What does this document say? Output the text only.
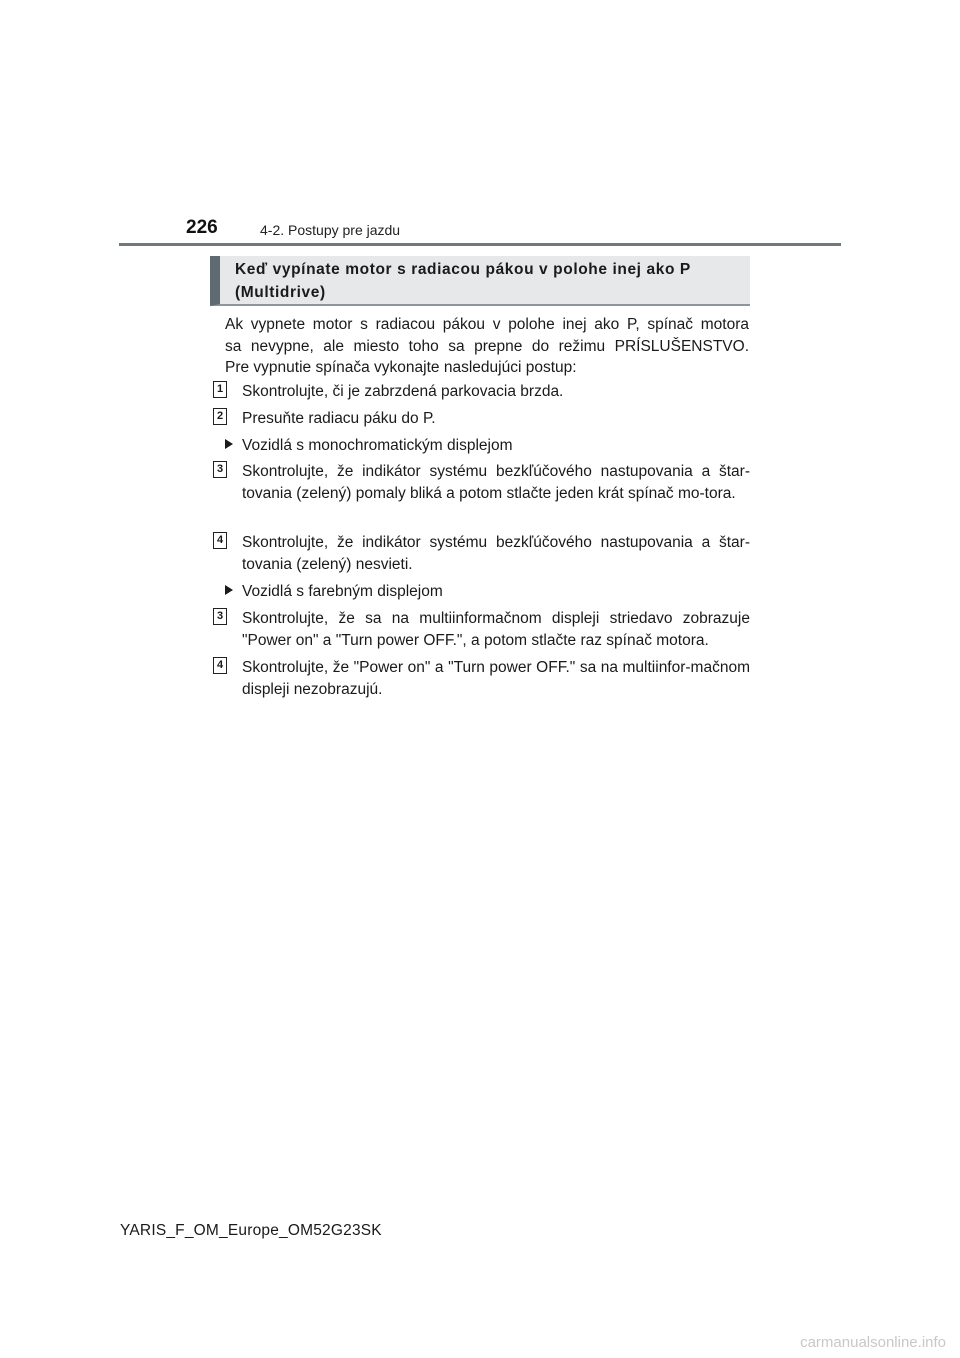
226	4-2. Postupy pre jazdu
Keď vypínate motor s radiacou pákou v polohe inej ako P (Multidrive)

Ak vypnete motor s radiacou pákou v polohe inej ako P, spínač motora

sa nevypne, ale miesto toho sa prepne do režimu PRÍSLUŠENSTVO.

Pre vypnutie spínača vykonajte nasledujúci postup:

1 Skontrolujte, či je zabrzdená parkovacia brzda.
2 Presuňte radiacu páku do P.
Vozidlá s monochromatickým displejom
3 Skontrolujte, že indikátor systému bezkľúčového nastupovania a štar-tovania (zelený) pomaly bliká a potom stlačte jeden krát spínač mo-tora.
4 Skontrolujte, že indikátor systému bezkľúčového nastupovania a štar-tovania (zelený) nesvieti.
Vozidlá s farebným displejom
3 Skontrolujte, že sa na multiinformačnom displeji striedavo zobrazuje "Power on" a "Turn power OFF.", a potom stlačte raz spínač motora.
4 Skontrolujte, že "Power on" a "Turn power OFF." sa na multiinfor-mačnom displeji nezobrazujú.
YARIS_F_OM_Europe_OM52G23SK
carmanualsonline.info
